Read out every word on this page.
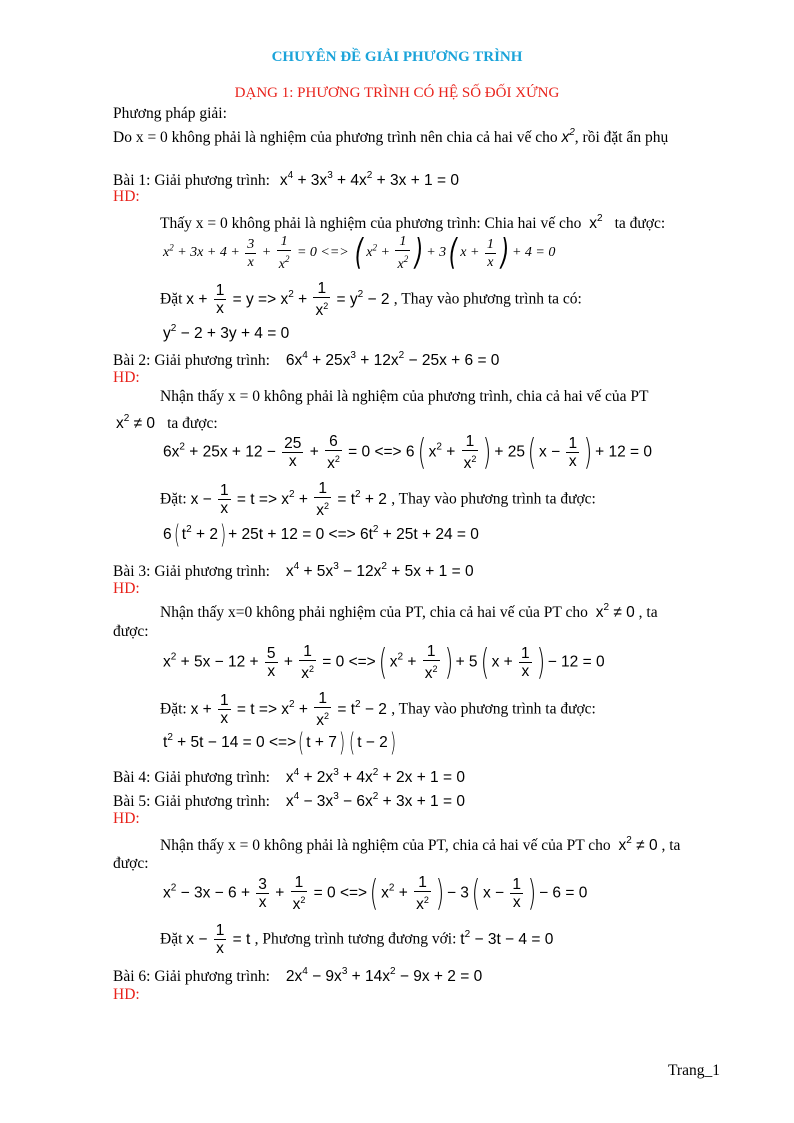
CHUYÊN ĐỀ GIẢI PHƯƠNG TRÌNH
DẠNG 1: PHƯƠNG TRÌNH CÓ HỆ SỐ ĐỐI XỨNG
Phương pháp giải:
Do x = 0 không phải là nghiệm của phương trình nên chia cả hai vế cho $x^2$, rồi đặt ẩn phụ
Bài 1: Giải phương trình: $x^4 + 3x^3 + 4x^2 + 3x + 1 = 0$
HD:
Thấy x = 0 không phải là nghiệm của phương trình: Chia hai vế cho $x^2$ ta được:
$x^2 + 3x + 4 + \frac{3}{x} + \frac{1}{x^2} = 0$ <=> ( $x^2 + \frac{1}{x^2}$ ) + 3( $x + \frac{1}{x}$ ) + 4 = 0
Đặt $x + \frac{1}{x} = y => x^2 + \frac{1}{x^2} = y^2 - 2$ , Thay vào phương trình ta có:
$y^2 - 2 + 3y + 4 = 0$
Bài 2: Giải phương trình: $6x^4 + 25x^3 + 12x^2 - 25x + 6 = 0$
HD:
Nhận thấy x = 0 không phải là nghiệm của phương trình, chia cả hai vế của PT
$x^2 \ne 0$ ta được:
$6x^2 + 25x + 12 - \frac{25}{x} + \frac{6}{x^2} = 0$ <=> 6( $x^2 + \frac{1}{x^2}$ ) + 25( $x - \frac{1}{x}$ ) + 12 = 0
Đặt: $x - \frac{1}{x} = t => x^2 + \frac{1}{x^2} = t^2 + 2$ , Thay vào phương trình ta được:
6( $t^2 + 2) + 25t + 12 = 0$ <=> $6t^2 + 25t + 24 = 0$
Bài 3: Giải phương trình: $x^4 + 5x^3 - 12x^2 + 5x + 1 = 0$
HD:
Nhận thấy x=0 không phải nghiệm của PT, chia cả hai vế của PT cho $x^2 \ne 0$ , ta
được:
$x^2 + 5x - 12 + \frac{5}{x} + \frac{1}{x^2} = 0$ <=>( $x^2 + \frac{1}{x^2}$ ) + 5( $x + \frac{1}{x}$ ) − 12 = 0
Đặt: $x + \frac{1}{x} = t => x^2 + \frac{1}{x^2} = t^2 - 2$ , Thay vào phương trình ta được:
$t^2 + 5t - 14 = 0$ <=>( t + 7) ( t − 2)
Bài 4: Giải phương trình: $x^4 + 2x^3 + 4x^2 + 2x + 1 = 0$
Bài 5: Giải phương trình: $x^4 - 3x^3 - 6x^2 + 3x + 1 = 0$
HD:
Nhận thấy x = 0 không phải là nghiệm của PT, chia cả hai vế của PT cho $x^2 \ne 0$ , ta
được:
$x^2 - 3x - 6 + \frac{3}{x} + \frac{1}{x^2} = 0$ <=>( $x^2 + \frac{1}{x^2}$ ) − 3( $x - \frac{1}{x}$ ) − 6 = 0
Đặt $x - \frac{1}{x} = t$ , Phương trình tương đương với: $t^2 - 3t - 4 = 0$
Bài 6: Giải phương trình: $2x^4 - 9x^3 + 14x^2 - 9x + 2 = 0$
HD:
Trang_1
